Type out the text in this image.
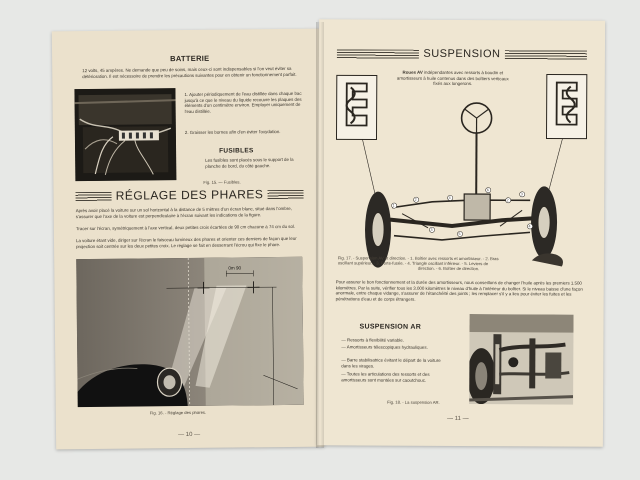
BATTERIE
12 volts, 45 ampères. Ne demande que peu de soins, mais ceux-ci sont indispensables si l'on veut éviter sa détérioration. Il est nécessoire de prendre les précautions suivantes pour en obtenir un fonctionnement parfait.
1. Ajouter périodiquement de l'eau distillée dans chaque bac jusqu'à ce que le niveau du liquide recouvre les plaques des éléments d'un centimètre environ. Employer uniquement de l'eau distillée.
2. Graisser les bornes afin d'en éviter l'oxydation.
FUSIBLES
Les fusibles sont placés sous le support de la planche de bord, du côté gauche.
Fig. 15. — Fusibles.
RÉGLAGE DES PHARES
Après avoir placé la voiture sur un sol horizontal à la distance de 5 mètres d'un écran blanc, situé dans l'ombre, s'assurer que l'axe de la voiture est perpendiculaire à l'écran suivant les indications de la figure.
Tracer sur l'écran, symétriquement à l'axe vertical, deux petites croix écartées de 90 cm chacune à 74 cm du sol.
La voiture étant vide, diriger sur l'écran le faisceau lumineux des phares et orienter ces derniers de façon que leur projection soit centrée sur les deux petites croix. Le réglage se fait en desserrant l'écrou qui fixe le phare.
0m 90
Fig. 16. - Réglage des phares.
— 10 —
SUSPENSION
1
2
3
4
5
6
2
3
4
Roues AV indépendantes avec ressorts à boudin et amortisseurs à huile contenus dans des boîtiers verticaux fixés aux longerons.
Fig. 17. - Suspension AV et direction. - 1. Boîtier avec ressorts et amortisseur. - 2. Bras
oscillant supérieur. - 3. Porte-fusée. - 4. Triangle oscillant inférieur. - 5. Leviers de
direction. - 6. Boîtier de direction.
Pour assurer le bon fonctionnement et la durée des amortisseurs, nous conseillons de changer l'huile après les premiers 1.500 kilomètres. Par la suite, vérifier tous les 3.000 kilomètres le niveau d'huile à l'intérieur du boîtier. Si le niveau baisse d'une façon anormale, entre chaque vidange, s'assurer de l'étanchéité des joints ; les remplacer s'il y a lieu pour éviter les fuites et les pénétrations d'eau et de corps étrangers.
SUSPENSION AR
— Ressorts à flexibilité variable.
— Amortisseurs télescopiques hydrauliques.
— Barre stabilisatrice évitant le départ de la voiture dans les virages.
— Toutes les articulations des ressorts et des amortisseurs sont montées sur caoutchouc.
Fig. 18. - La suspension AR.
— 11 —
